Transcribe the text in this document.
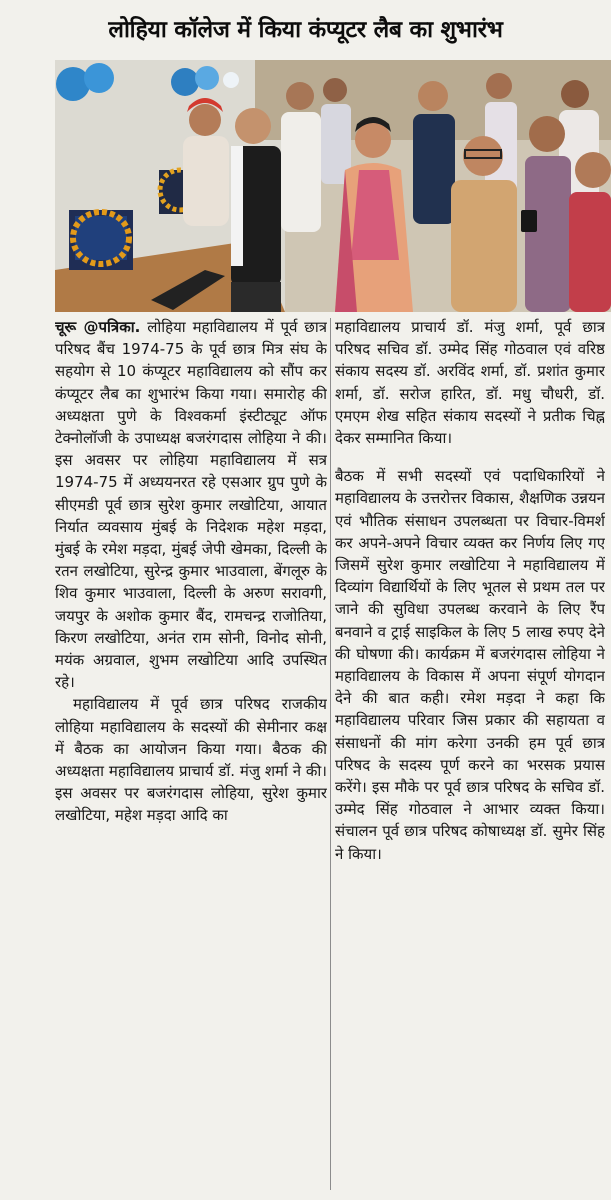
लोहिया कॉलेज में किया कंप्यूटर लैब का शुभारंभ

चूरू @पत्रिका. लोहिया महाविद्यालय में पूर्व छात्र परिषद बैंच 1974-75 के पूर्व छात्र मित्र संघ के सहयोग से 10 कंप्यूटर महाविद्यालय को सौंप कर कंप्यूटर लैब का शुभारंभ किया गया। समारोह की अध्यक्षता पुणे के विश्वकर्मा इंस्टीट्यूट ऑफ टेक्नोलॉजी के उपाध्यक्ष बजरंगदास लोहिया ने की। इस अवसर पर लोहिया महाविद्यालय में सत्र 1974-75 में अध्ययनरत रहे एसआर ग्रुप पुणे के सीएमडी पूर्व छात्र सुरेश कुमार लखोटिया, आयात निर्यात व्यवसाय मुंबई के निदेशक महेश मड़दा, मुंबई के रमेश मड़दा, मुंबई जेपी खेमका, दिल्ली के रतन लखोटिया, सुरेन्द्र कुमार भाउवाला, बेंगलूरु के शिव कुमार भाउवाला, दिल्ली के अरुण सरावगी, जयपुर के अशोक कुमार बैंद, रामचन्द्र राजोतिया, किरण लखोटिया, अनंत राम सोनी, विनोद सोनी, मयंक अग्रवाल, शुभम लखोटिया आदि उपस्थित रहे।

महाविद्यालय में पूर्व छात्र परिषद राजकीय लोहिया महाविद्यालय के सदस्यों की सेमीनार कक्ष में बैठक का आयोजन किया गया। बैठक की अध्यक्षता महाविद्यालय प्राचार्य डॉ. मंजु शर्मा ने की। इस अवसर पर बजरंगदास लोहिया, सुरेश कुमार लखोटिया, महेश मड़दा आदि का

महाविद्यालय प्राचार्य डॉ. मंजु शर्मा, पूर्व छात्र परिषद सचिव डॉ. उम्मेद सिंह गोठवाल एवं वरिष्ठ संकाय सदस्य डॉ. अरविंद शर्मा, डॉ. प्रशांत कुमार शर्मा, डॉ. सरोज हारित, डॉ. मधु चौधरी, डॉ. एमएम शेख सहित संकाय सदस्यों ने प्रतीक चिह्न देकर सम्मानित किया।

बैठक में सभी सदस्यों एवं पदाधिकारियों ने महाविद्यालय के उत्तरोत्तर विकास, शैक्षणिक उन्नयन एवं भौतिक संसाधन उपलब्धता पर विचार-विमर्श कर अपने-अपने विचार व्यक्त कर निर्णय लिए गए जिसमें सुरेश कुमार लखोटिया ने महाविद्यालय में दिव्यांग विद्यार्थियों के लिए भूतल से प्रथम तल पर जाने की सुविधा उपलब्ध करवाने के लिए रैंप बनवाने व ट्राई साइकिल के लिए 5 लाख रुपए देने की घोषणा की। कार्यक्रम में बजरंगदास लोहिया ने महाविद्यालय के विकास में अपना संपूर्ण योगदान देने की बात कही। रमेश मड़दा ने कहा कि महाविद्यालय परिवार जिस प्रकार की सहायता व संसाधनों की मांग करेगा उनकी हम पूर्व छात्र परिषद के सदस्य पूर्ण करने का भरसक प्रयास करेंगे। इस मौके पर पूर्व छात्र परिषद के सचिव डॉ. उम्मेद सिंह गोठवाल ने आभार व्यक्त किया। संचालन पूर्व छात्र परिषद कोषाध्यक्ष डॉ. सुमेर सिंह ने किया।
